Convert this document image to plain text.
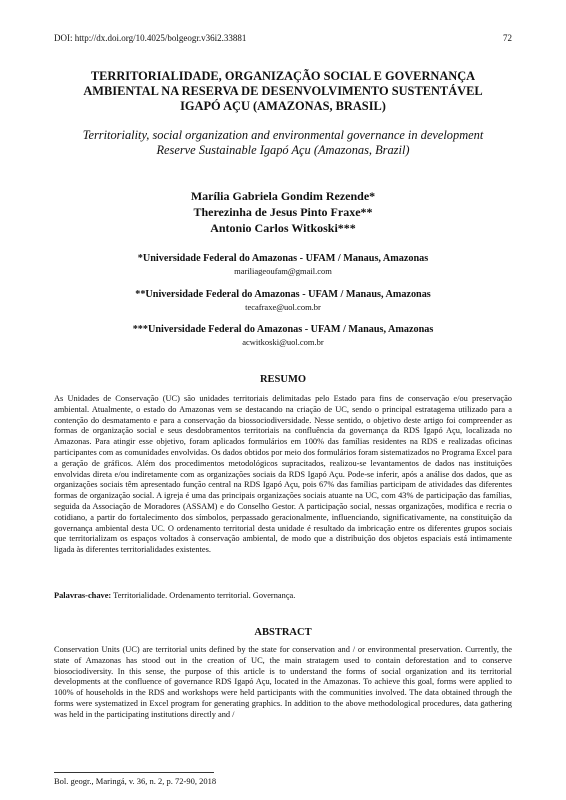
DOI: http://dx.doi.org/10.4025/bolgeogr.v36i2.33881	72
TERRITORIALIDADE, ORGANIZAÇÃO SOCIAL E GOVERNANÇA
AMBIENTAL NA RESERVA DE DESENVOLVIMENTO SUSTENTÁVEL
IGAPÓ AÇU (AMAZONAS, BRASIL)
Territoriality, social organization and environmental governance in development
Reserve Sustainable Igapó Açu (Amazonas, Brazil)
Marília Gabriela Gondim Rezende*
Therezinha de Jesus Pinto Fraxe**
Antonio Carlos Witkoski***
*Universidade Federal do Amazonas - UFAM / Manaus, Amazonas
mariliageoufam@gmail.com
**Universidade Federal do Amazonas - UFAM / Manaus, Amazonas
tecafraxe@uol.com.br
***Universidade Federal do Amazonas - UFAM / Manaus, Amazonas
acwitkoski@uol.com.br
RESUMO
As Unidades de Conservação (UC) são unidades territoriais delimitadas pelo Estado para fins de conservação e/ou preservação ambiental. Atualmente, o estado do Amazonas vem se destacando na criação de UC, sendo o principal estratagema utilizado para a contenção do desmatamento e para a conservação da biossociodiversidade. Nesse sentido, o objetivo deste artigo foi compreender as formas de organização social e seus desdobramentos territoriais na confluência da governança da RDS Igapó Açu, localizada no Amazonas. Para atingir esse objetivo, foram aplicados formulários em 100% das famílias residentes na RDS e realizadas oficinas participantes com as comunidades envolvidas. Os dados obtidos por meio dos formulários foram sistematizados no Programa Excel para a geração de gráficos. Além dos procedimentos metodológicos supracitados, realizou-se levantamentos de dados nas instituições envolvidas direta e/ou indiretamente com as organizações sociais da RDS Igapó Açu. Pode-se inferir, após a análise dos dados, que as organizações sociais têm apresentado função central na RDS Igapó Açu, pois 67% das famílias participam de atividades das diferentes formas de organização social. A igreja é uma das principais organizações sociais atuante na UC, com 43% de participação das famílias, seguida da Associação de Moradores (ASSAM) e do Conselho Gestor. A participação social, nessas organizações, modifica e recria o cotidiano, a partir do fortalecimento dos símbolos, perpassado geracionalmente, influenciando, significativamente, na constituição da governança ambiental desta UC. O ordenamento territorial desta unidade é resultado da imbricação entre os diferentes grupos sociais que territorializam os espaços voltados à conservação ambiental, de modo que a distribuição dos objetos espaciais está intimamente ligada às diferentes territorialidades existentes.
Palavras-chave: Territorialidade. Ordenamento territorial. Governança.
ABSTRACT
Conservation Units (UC) are territorial units defined by the state for conservation and / or environmental preservation. Currently, the state of Amazonas has stood out in the creation of UC, the main stratagem used to contain deforestation and to conserve biosociodiversity. In this sense, the purpose of this article is to understand the forms of social organization and its territorial developments at the confluence of governance RDS Igapó Açu, located in the Amazonas. To achieve this goal, forms were applied to 100% of households in the RDS and workshops were held participants with the communities involved. The data obtained through the forms were systematized in Excel program for generating graphics. In addition to the above methodological procedures, data gathering was held in the participating institutions directly and /
Bol. geogr., Maringá, v. 36, n. 2, p. 72-90, 2018
